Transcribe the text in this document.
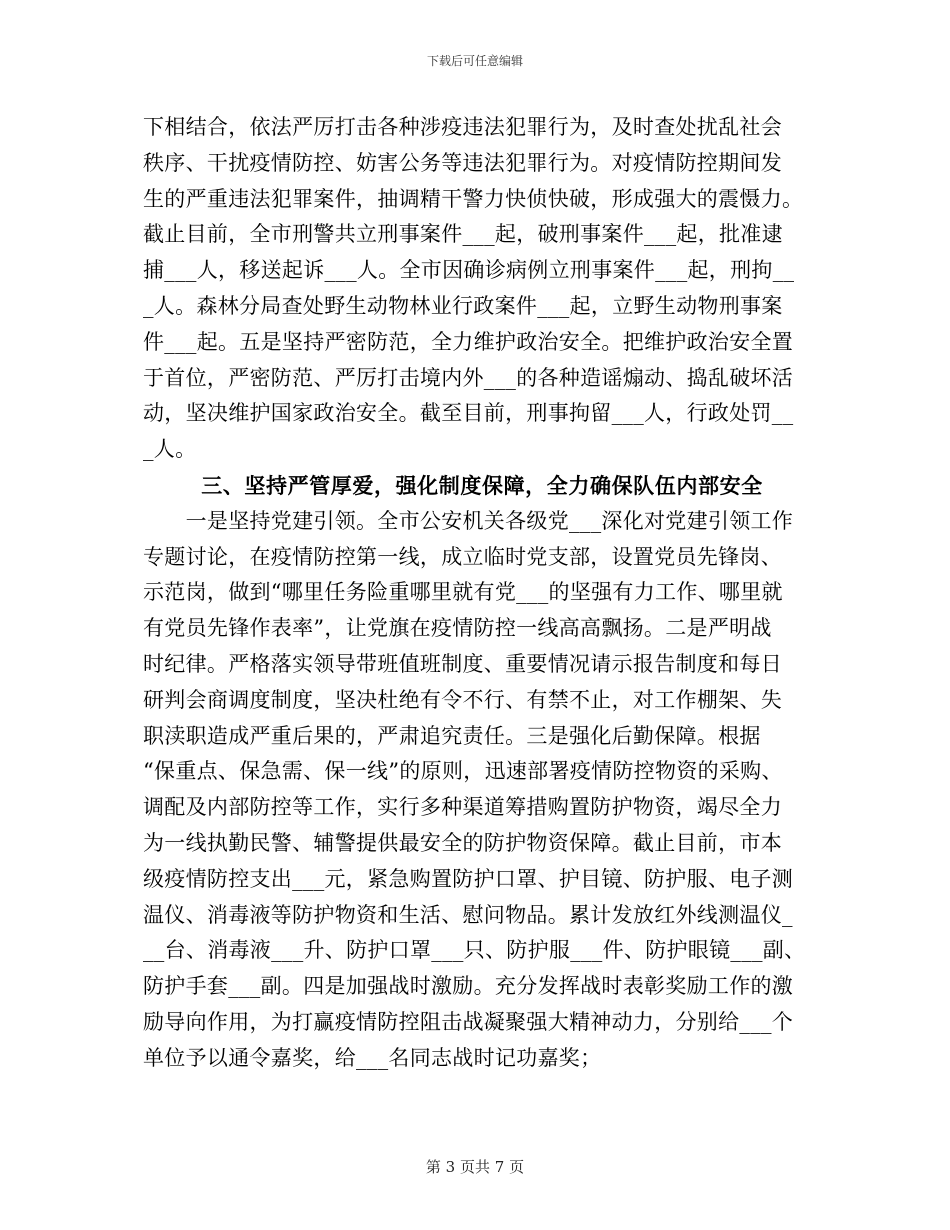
下载后可任意编辑
下相结合，依法严厉打击各种涉疫违法犯罪行为，及时查处扰乱社会
秩序、干扰疫情防控、妨害公务等违法犯罪行为。对疫情防控期间发
生的严重违法犯罪案件，抽调精干警力快侦快破，形成强大的震慑力。
截止目前，全市刑警共立刑事案件___起，破刑事案件___起，批准逮
捕___人，移送起诉___人。全市因确诊病例立刑事案件___起，刑拘__
_人。森林分局查处野生动物林业行政案件___起，立野生动物刑事案
件___起。五是坚持严密防范，全力维护政治安全。把维护政治安全置
于首位，严密防范、严厉打击境内外___的各种造谣煽动、捣乱破坏活
动，坚决维护国家政治安全。截至目前，刑事拘留___人，行政处罚__
_人。
三、坚持严管厚爱，强化制度保障，全力确保队伍内部安全
　　一是坚持党建引领。全市公安机关各级党___深化对党建引领工作
专题讨论，在疫情防控第一线，成立临时党支部，设置党员先锋岗、
示范岗，做到“哪里任务险重哪里就有党___的坚强有力工作、哪里就
有党员先锋作表率”，让党旗在疫情防控一线高高飘扬。二是严明战
时纪律。严格落实领导带班值班制度、重要情况请示报告制度和每日
研判会商调度制度，坚决杜绝有令不行、有禁不止，对工作棚架、失
职渎职造成严重后果的，严肃追究责任。三是强化后勤保障。根据
“保重点、保急需、保一线”的原则，迅速部署疫情防控物资的采购、
调配及内部防控等工作，实行多种渠道筹措购置防护物资，竭尽全力
为一线执勤民警、辅警提供最安全的防护物资保障。截止目前，市本
级疫情防控支出___元，紧急购置防护口罩、护目镜、防护服、电子测
温仪、消毒液等防护物资和生活、慰问物品。累计发放红外线测温仪_
__台、消毒液___升、防护口罩___只、防护服___件、防护眼镜___副、
防护手套___副。四是加强战时激励。充分发挥战时表彰奖励工作的激
励导向作用，为打赢疫情防控阻击战凝聚强大精神动力，分别给___个
单位予以通令嘉奖，给___名同志战时记功嘉奖；
第 3 页共 7 页
